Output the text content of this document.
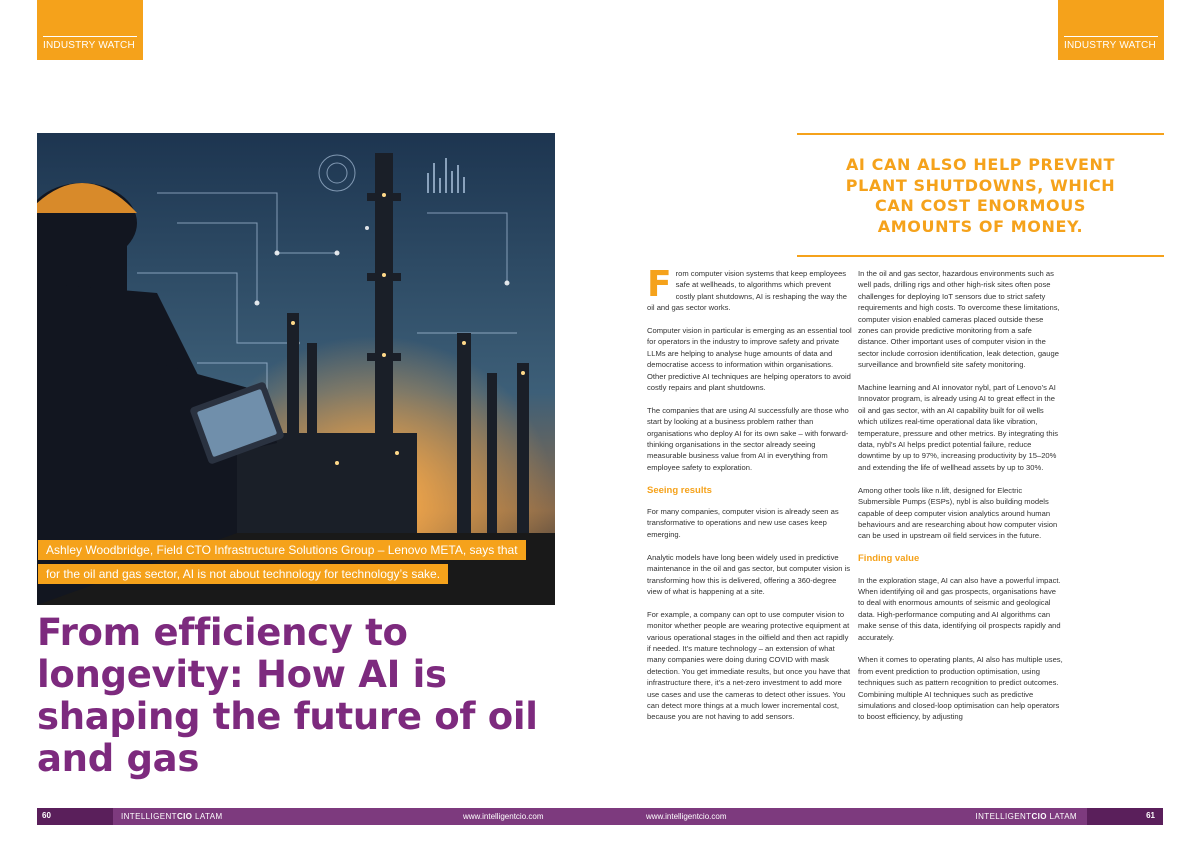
INDUSTRY WATCH	INDUSTRY WATCH
Ashley Woodbridge, Field CTO Infrastructure Solutions Group – Lenovo META, says that
for the oil and gas sector, AI is not about technology for technology’s sake.
From efficiency to longevity: How AI is shaping the future of oil and gas

AI CAN ALSO HELP PREVENT PLANT SHUTDOWNS, WHICH CAN COST ENORMOUS AMOUNTS OF MONEY.

From computer vision systems that keep employees safe at wellheads, to algorithms which prevent costly plant shutdowns, AI is reshaping the way the oil and gas sector works.

Computer vision in particular is emerging as an essential tool for operators in the industry to improve safety and private LLMs are helping to analyse huge amounts of data and democratise access to information within organisations. Other predictive AI techniques are helping operators to avoid costly repairs and plant shutdowns.

The companies that are using AI successfully are those who start by looking at a business problem rather than organisations who deploy AI for its own sake – with forward-thinking organisations in the sector already seeing measurable business value from AI in everything from employee safety to exploration.

Seeing results

For many companies, computer vision is already seen as transformative to operations and new use cases keep emerging.

Analytic models have long been widely used in predictive maintenance in the oil and gas sector, but computer vision is transforming how this is delivered, offering a 360-degree view of what is happening at a site.

For example, a company can opt to use computer vision to monitor whether people are wearing protective equipment at various operational stages in the oilfield and then act rapidly if needed. It’s mature technology – an extension of what many companies were doing during COVID with mask detection. You get immediate results, but once you have that infrastructure there, it’s a net-zero investment to add more use cases and use the cameras to detect other issues. You can detect more things at a much lower incremental cost, because you are not having to add sensors.

In the oil and gas sector, hazardous environments such as well pads, drilling rigs and other high-risk sites often pose challenges for deploying IoT sensors due to strict safety requirements and high costs. To overcome these limitations, computer vision enabled cameras placed outside these zones can provide predictive monitoring from a safe distance. Other important uses of computer vision in the sector include corrosion identification, leak detection, gauge surveillance and brownfield site safety monitoring.

Machine learning and AI innovator nybl, part of Lenovo’s AI Innovator program, is already using AI to great effect in the oil and gas sector, with an AI capability built for oil wells which utilizes real-time operational data like vibration, temperature, pressure and other metrics. By integrating this data, nybl’s AI helps predict potential failure, reduce downtime by up to 97%, increasing productivity by 15–20% and extending the life of wellhead assets by up to 30%.

Among other tools like n.lift, designed for Electric Submersible Pumps (ESPs), nybl is also building models capable of deep computer vision analytics around human behaviours and are researching about how computer vision can be used in upstream oil field services in the future.

Finding value

In the exploration stage, AI can also have a powerful impact. When identifying oil and gas prospects, organisations have to deal with enormous amounts of seismic and geological data. High-performance computing and AI algorithms can make sense of this data, identifying oil prospects rapidly and accurately.

When it comes to operating plants, AI also has multiple uses, from event prediction to production optimisation, using techniques such as pattern recognition to predict outcomes. Combining multiple AI techniques such as predictive simulations and closed-loop optimisation can help operators to boost efficiency, by adjusting

60	INTELLIGENTCIO LATAM	www.intelligentcio.com	www.intelligentcio.com	INTELLIGENTCIO LATAM	61
